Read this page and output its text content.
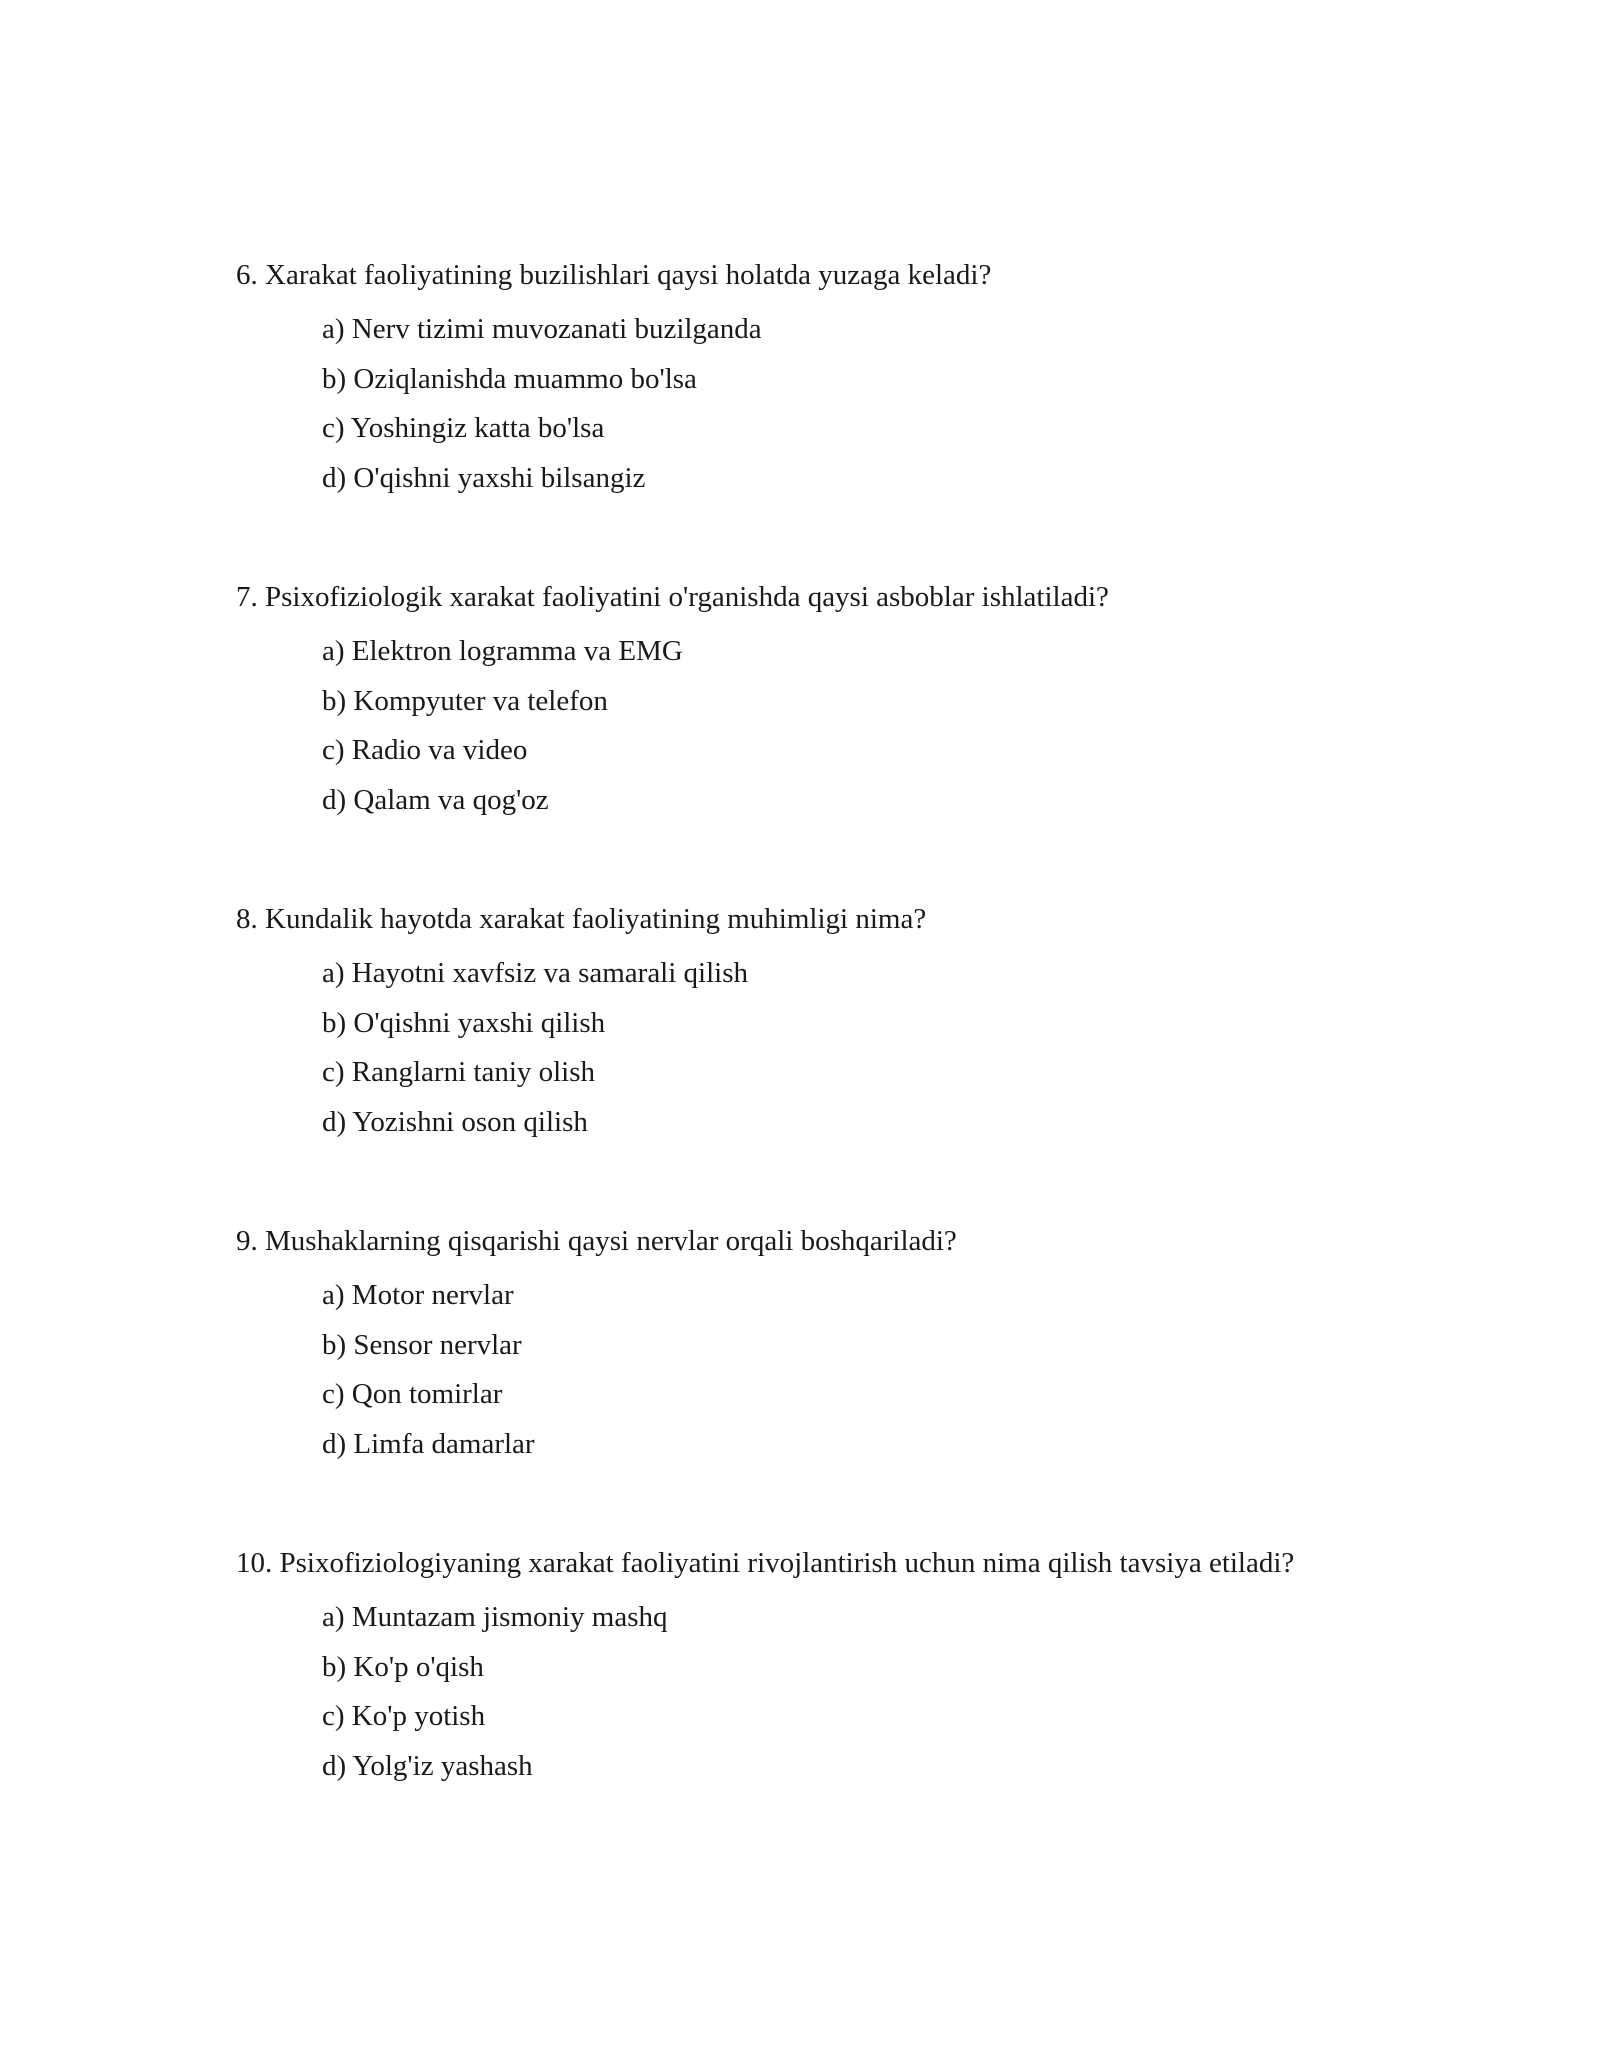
6. Xarakat faoliyatining buzilishlari qaysi holatda yuzaga keladi?

a) Nerv tizimi muvozanati buzilganda
b) Oziqlanishda muammo bo'lsa
c) Yoshingiz katta bo'lsa
d) O'qishni yaxshi bilsangiz

7. Psixofiziologik xarakat faoliyatini o'rganishda qaysi asboblar ishlatiladi?

a) Elektron logramma va EMG
b) Kompyuter va telefon
c) Radio va video
d) Qalam va qog'oz

8. Kundalik hayotda xarakat faoliyatining muhimligi nima?

a) Hayotni xavfsiz va samarali qilish
b) O'qishni yaxshi qilish
c) Ranglarni taniy olish
d) Yozishni oson qilish

9. Mushaklarning qisqarishi qaysi nervlar orqali boshqariladi?

a) Motor nervlar
b) Sensor nervlar
c) Qon tomirlar
d) Limfa damarlar

10. Psixofiziologiyaning xarakat faoliyatini rivojlantirish uchun nima qilish tavsiya etiladi?

a) Muntazam jismoniy mashq
b) Ko'p o'qish
c) Ko'p yotish
d) Yolg'iz yashash
